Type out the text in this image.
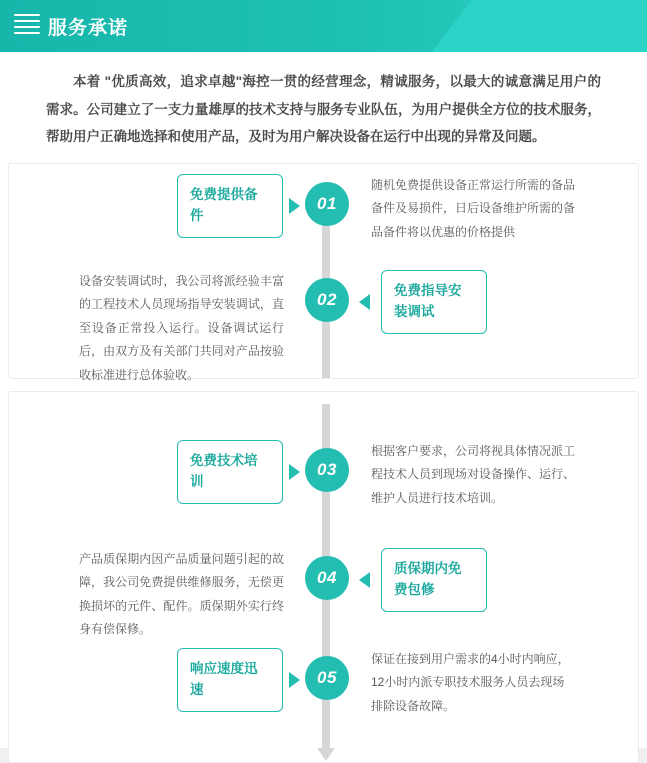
服务承诺
本着 "优质高效，追求卓越"海控一贯的经营理念，精诚服务，以最大的诚意满足用户的需求。公司建立了一支力量雄厚的技术支持与服务专业队伍，为用户提供全方位的技术服务，帮助用户正确地选择和使用产品，及时为用户解决设备在运行中出现的异常及问题。
免费提供备件
01
随机免费提供设备正常运行所需的备品备件及易损件，日后设备维护所需的备品备件将以优惠的价格提供
设备安装调试时，我公司将派经验丰富的工程技术人员现场指导安装调试，直至设备正常投入运行。设备调试运行后，由双方及有关部门共同对产品按验收标准进行总体验收。
02	免费指导安装调试
免费技术培训
03
根据客户要求，公司将视具体情况派工程技术人员到现场对设备操作、运行、维护人员进行技术培训。
产品质保期内因产品质量问题引起的故障，我公司免费提供维修服务，无偿更换损坏的元件、配件。质保期外实行终身有偿保修。
04	质保期内免费包修
响应速度迅速
05
保证在接到用户需求的4小时内响应，12小时内派专职技术服务人员去现场排除设备故障。
